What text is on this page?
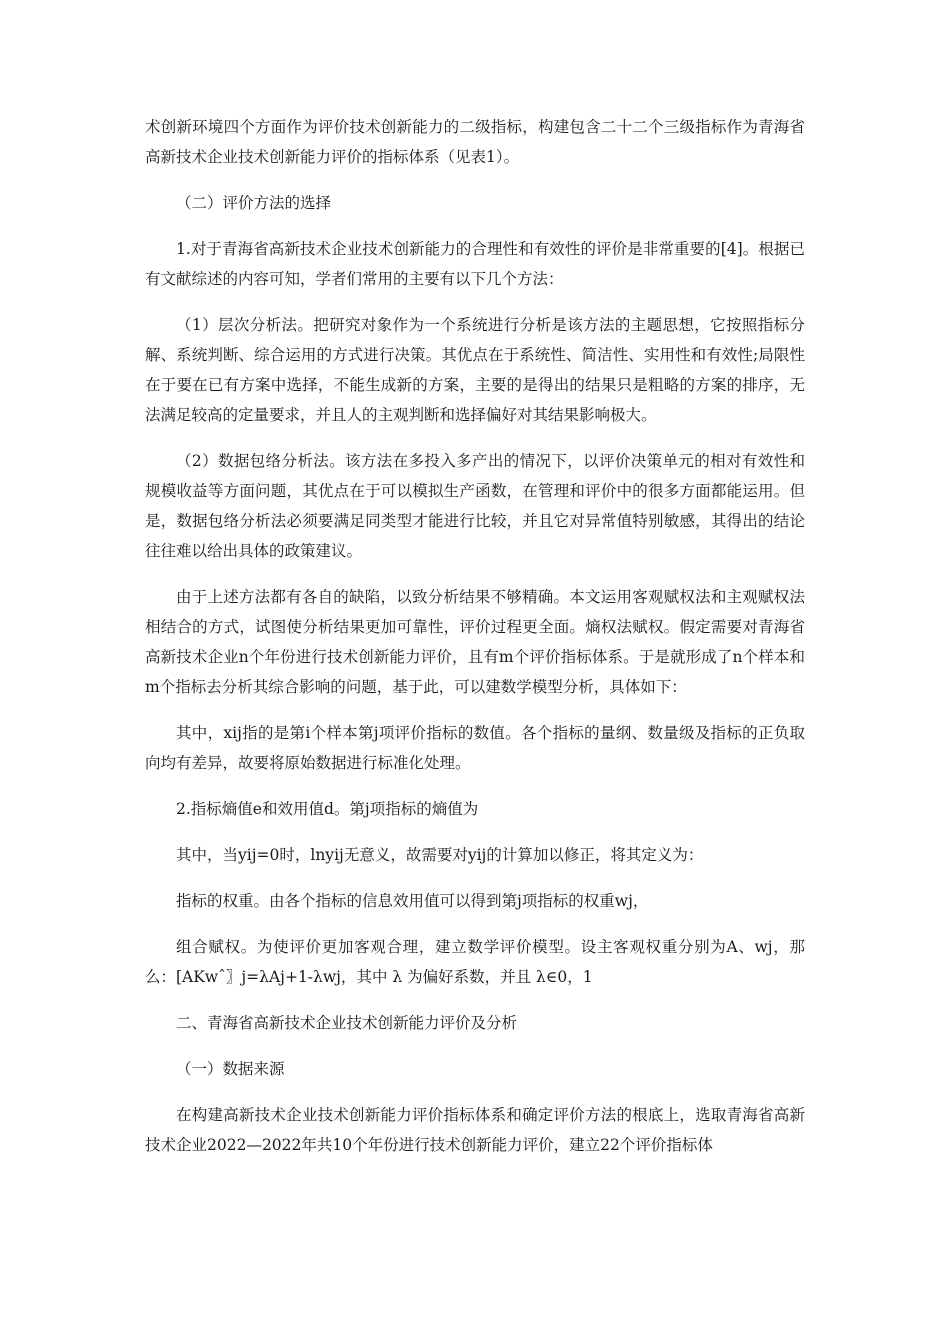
术创新环境四个方面作为评价技术创新能力的二级指标，构建包含二十二个三级指标作为青海省高新技术企业技术创新能力评价的指标体系（见表1）。

（二）评价方法的选择

1.对于青海省高新技术企业技术创新能力的合理性和有效性的评价是非常重要的[4]。根据已有文献综述的内容可知，学者们常用的主要有以下几个方法：

（1）层次分析法。把研究对象作为一个系统进行分析是该方法的主题思想，它按照指标分解、系统判断、综合运用的方式进行决策。其优点在于系统性、简洁性、实用性和有效性;局限性在于要在已有方案中选择，不能生成新的方案，主要的是得出的结果只是粗略的方案的排序，无法满足较高的定量要求，并且人的主观判断和选择偏好对其结果影响极大。

（2）数据包络分析法。该方法在多投入多产出的情况下，以评价决策单元的相对有效性和规模收益等方面问题，其优点在于可以模拟生产函数，在管理和评价中的很多方面都能运用。但是，数据包络分析法必须要满足同类型才能进行比较，并且它对异常值特别敏感，其得出的结论往往难以给出具体的政策建议。

由于上述方法都有各自的缺陷，以致分析结果不够精确。本文运用客观赋权法和主观赋权法相结合的方式，试图使分析结果更加可靠性，评价过程更全面。熵权法赋权。假定需要对青海省高新技术企业n个年份进行技术创新能力评价，且有m个评价指标体系。于是就形成了n个样本和m个指标去分析其综合影响的问题，基于此，可以建数学模型分析，具体如下：

其中，xij指的是第i个样本第j项评价指标的数值。各个指标的量纲、数量级及指标的正负取向均有差异，故要将原始数据进行标准化处理。

2.指标熵值e和效用值d。第j项指标的熵值为

其中，当yij=0时，lnyij无意义，故需要对yij的计算加以修正，将其定义为：

指标的权重。由各个指标的信息效用值可以得到第j项指标的权重wj，

组合赋权。为使评价更加客观合理，建立数学评价模型。设主客观权重分别为A、wj，那么：[AKwˆ〗j=λAj+1-λwj，其中 λ 为偏好系数，并且 λ∈0，1

二、青海省高新技术企业技术创新能力评价及分析

（一）数据来源

在构建高新技术企业技术创新能力评价指标体系和确定评价方法的根底上，选取青海省高新技术企业2022—2022年共10个年份进行技术创新能力评价，建立22个评价指标体
